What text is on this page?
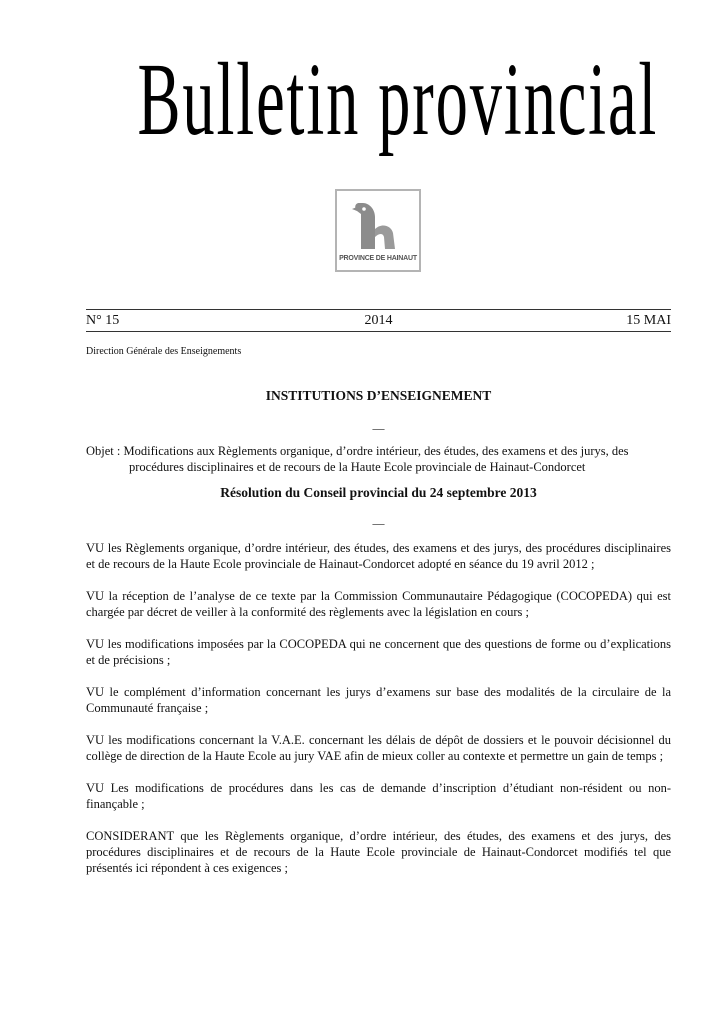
Bulletin provincial
PROVINCE DE HAINAUT
N° 15	2014	15 MAI
Direction Générale des Enseignements
INSTITUTIONS D’ENSEIGNEMENT
—
Objet : Modifications aux Règlements organique, d’ordre intérieur, des études, des examens et des jurys, des
procédures disciplinaires et de recours de la Haute Ecole provinciale de Hainaut-Condorcet
Résolution du Conseil provincial du 24 septembre 2013
—

VU les Règlements organique, d’ordre intérieur, des études, des examens et des jurys, des procédures disciplinaires et de recours de la Haute Ecole provinciale de Hainaut-Condorcet adopté en séance du 19 avril 2012 ;

VU la réception de l’analyse de ce texte par la Commission Communautaire Pédagogique (COCOPEDA) qui est chargée par décret de veiller à la conformité des règlements avec la législation en cours ;

VU les modifications imposées par la COCOPEDA qui ne concernent que des questions de forme ou d’explications et de précisions ;

VU le complément d’information concernant les jurys d’examens sur base des modalités de la circulaire de la Communauté française ;

VU les modifications concernant la V.A.E. concernant les délais de dépôt de dossiers et le pouvoir décisionnel du collège de direction de la Haute Ecole au jury VAE afin de mieux coller au contexte et permettre un gain de temps ;

VU Les modifications de procédures dans les cas de demande d’inscription d’étudiant non-résident ou non-finançable ;

CONSIDERANT que les Règlements organique, d’ordre intérieur, des études, des examens et des jurys, des procédures disciplinaires et de recours de la Haute Ecole provinciale de Hainaut-Condorcet modifiés tel que présentés ici répondent à ces exigences ;
